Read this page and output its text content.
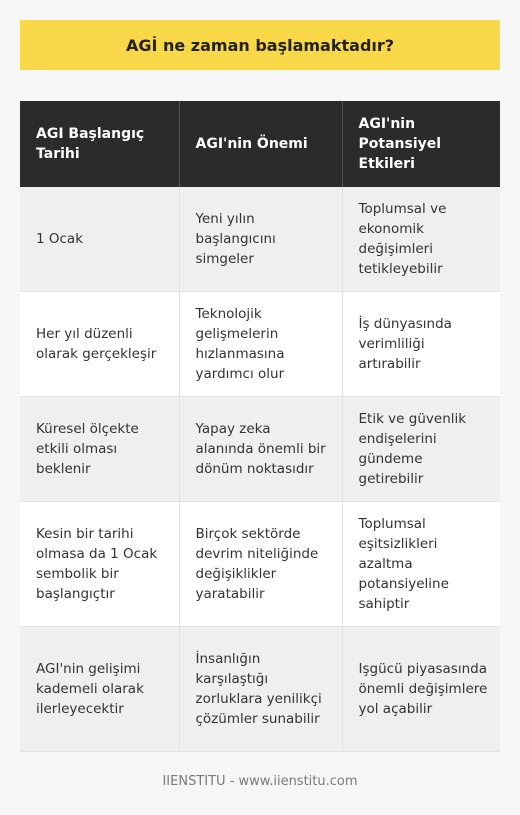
AGİ ne zaman başlamaktadır?
AGI Başlangıç Tarihi	AGI'nin Önemi	AGI'nin Potansiyel Etkileri
1 Ocak	Yeni yılın başlangıcını simgeler	Toplumsal ve ekonomik değişimleri tetikleyebilir
Her yıl düzenli olarak gerçekleşir	Teknolojik gelişmelerin hızlanmasına yardımcı olur	İş dünyasında verimliliği artırabilir
Küresel ölçekte etkili olması beklenir	Yapay zeka alanında önemli bir dönüm noktasıdır	Etik ve güvenlik endişelerini gündeme getirebilir
Kesin bir tarihi olmasa da 1 Ocak sembolik bir başlangıçtır	Birçok sektörde devrim niteliğinde değişiklikler yaratabilir	Toplumsal eşitsizlikleri azaltma potansiyeline sahiptir
AGI'nin gelişimi kademeli olarak ilerleyecektir	İnsanlığın karşılaştığı zorluklara yenilikçi çözümler sunabilir	Işgücü piyasasında önemli değişimlere yol açabilir
IIENSTITU - www.iienstitu.com
